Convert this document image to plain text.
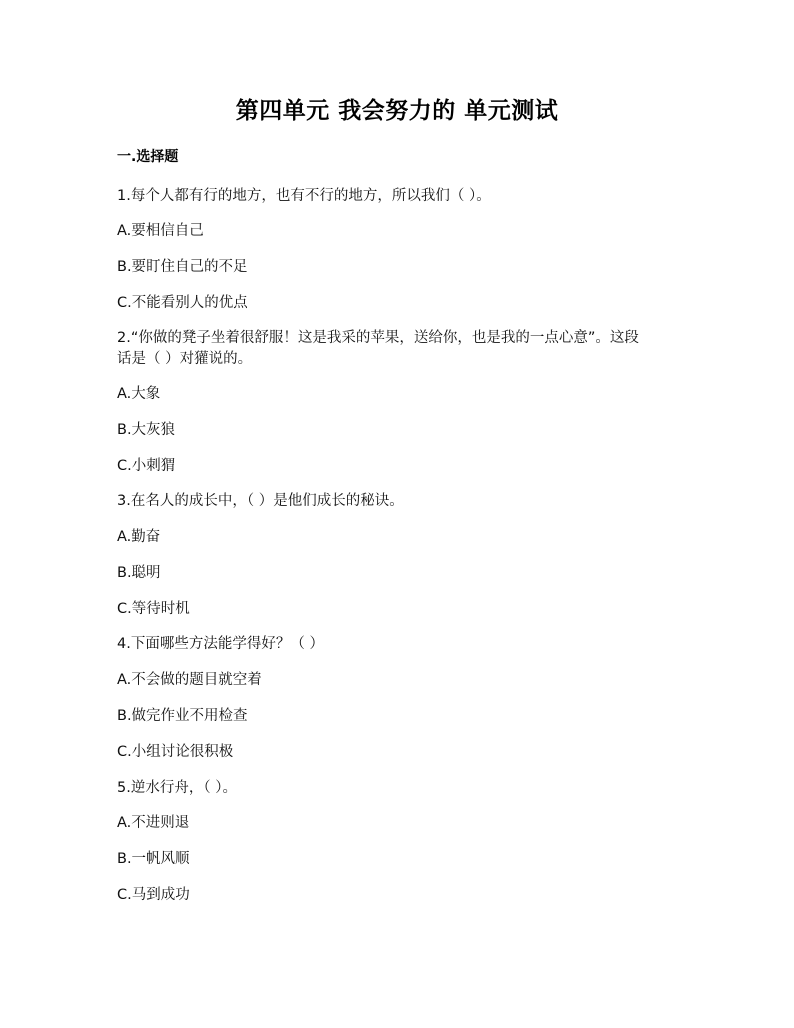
第四单元 我会努力的 单元测试
一.选择题
1.每个人都有行的地方，也有不行的地方，所以我们（ ）。
A.要相信自己
B.要盯住自己的不足
C.不能看别人的优点
2.“你做的凳子坐着很舒服！这是我采的苹果，送给你，也是我的一点心意”。这段
话是（ ）对獾说的。
A.大象
B.大灰狼
C.小刺猬
3.在名人的成长中，（ ）是他们成长的秘诀。
A.勤奋
B.聪明
C.等待时机
4.下面哪些方法能学得好？（ ）
A.不会做的题目就空着
B.做完作业不用检查
C.小组讨论很积极
5.逆水行舟，（ ）。
A.不进则退
B.一帆风顺
C.马到成功
